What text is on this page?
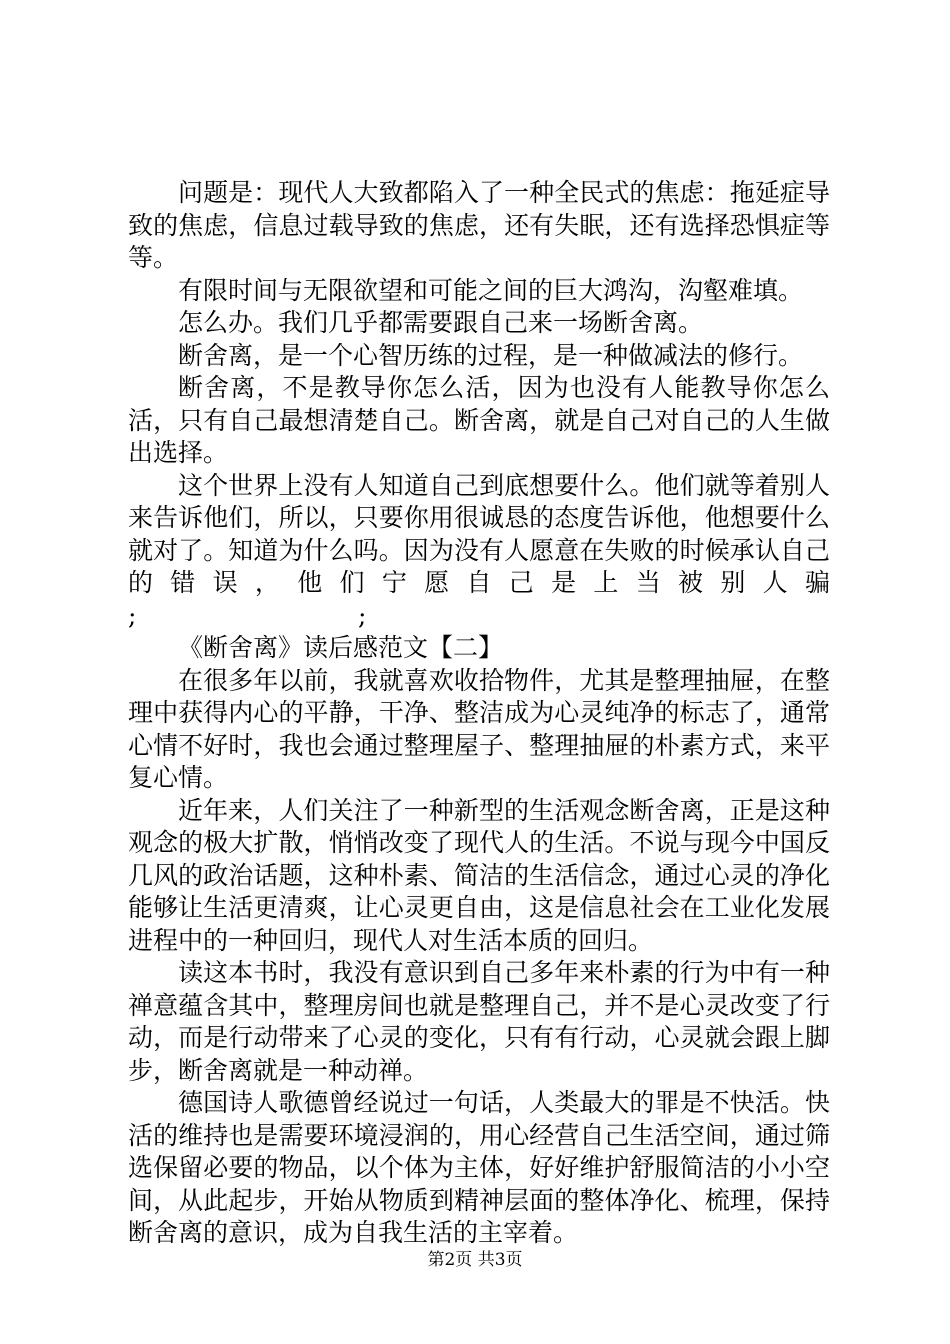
问题是：现代人大致都陷入了一种全民式的焦虑：拖延症导致的焦虑，信息过载导致的焦虑，还有失眠，还有选择恐惧症等等。

有限时间与无限欲望和可能之间的巨大鸿沟，沟壑难填。

怎么办。我们几乎都需要跟自己来一场断舍离。

断舍离，是一个心智历练的过程，是一种做减法的修行。

断舍离，不是教导你怎么活，因为也没有人能教导你怎么活，只有自己最想清楚自己。断舍离，就是自己对自己的人生做出选择。

这个世界上没有人知道自己到底想要什么。他们就等着别人来告诉他们，所以，只要你用很诚恳的态度告诉他，他想要什么就对了。知道为什么吗。因为没有人愿意在失败的时候承认自己的错误，他们宁愿自己是上当被别人骗

;	;

《断舍离》读后感范文【二】

在很多年以前，我就喜欢收拾物件，尤其是整理抽屉，在整理中获得内心的平静，干净、整洁成为心灵纯净的标志了，通常心情不好时，我也会通过整理屋子、整理抽屉的朴素方式，来平复心情。

近年来，人们关注了一种新型的生活观念断舍离，正是这种观念的极大扩散，悄悄改变了现代人的生活。不说与现今中国反几风的政治话题，这种朴素、简洁的生活信念，通过心灵的净化能够让生活更清爽，让心灵更自由，这是信息社会在工业化发展进程中的一种回归，现代人对生活本质的回归。

读这本书时，我没有意识到自己多年来朴素的行为中有一种禅意蕴含其中，整理房间也就是整理自己，并不是心灵改变了行动，而是行动带来了心灵的变化，只有有行动，心灵就会跟上脚步，断舍离就是一种动禅。

德国诗人歌德曾经说过一句话，人类最大的罪是不快活。快活的维持也是需要环境浸润的，用心经营自己生活空间，通过筛选保留必要的物品，以个体为主体，好好维护舒服简洁的小小空间，从此起步，开始从物质到精神层面的整体净化、梳理，保持断舍离的意识，成为自我生活的主宰着。

第2页 共3页
